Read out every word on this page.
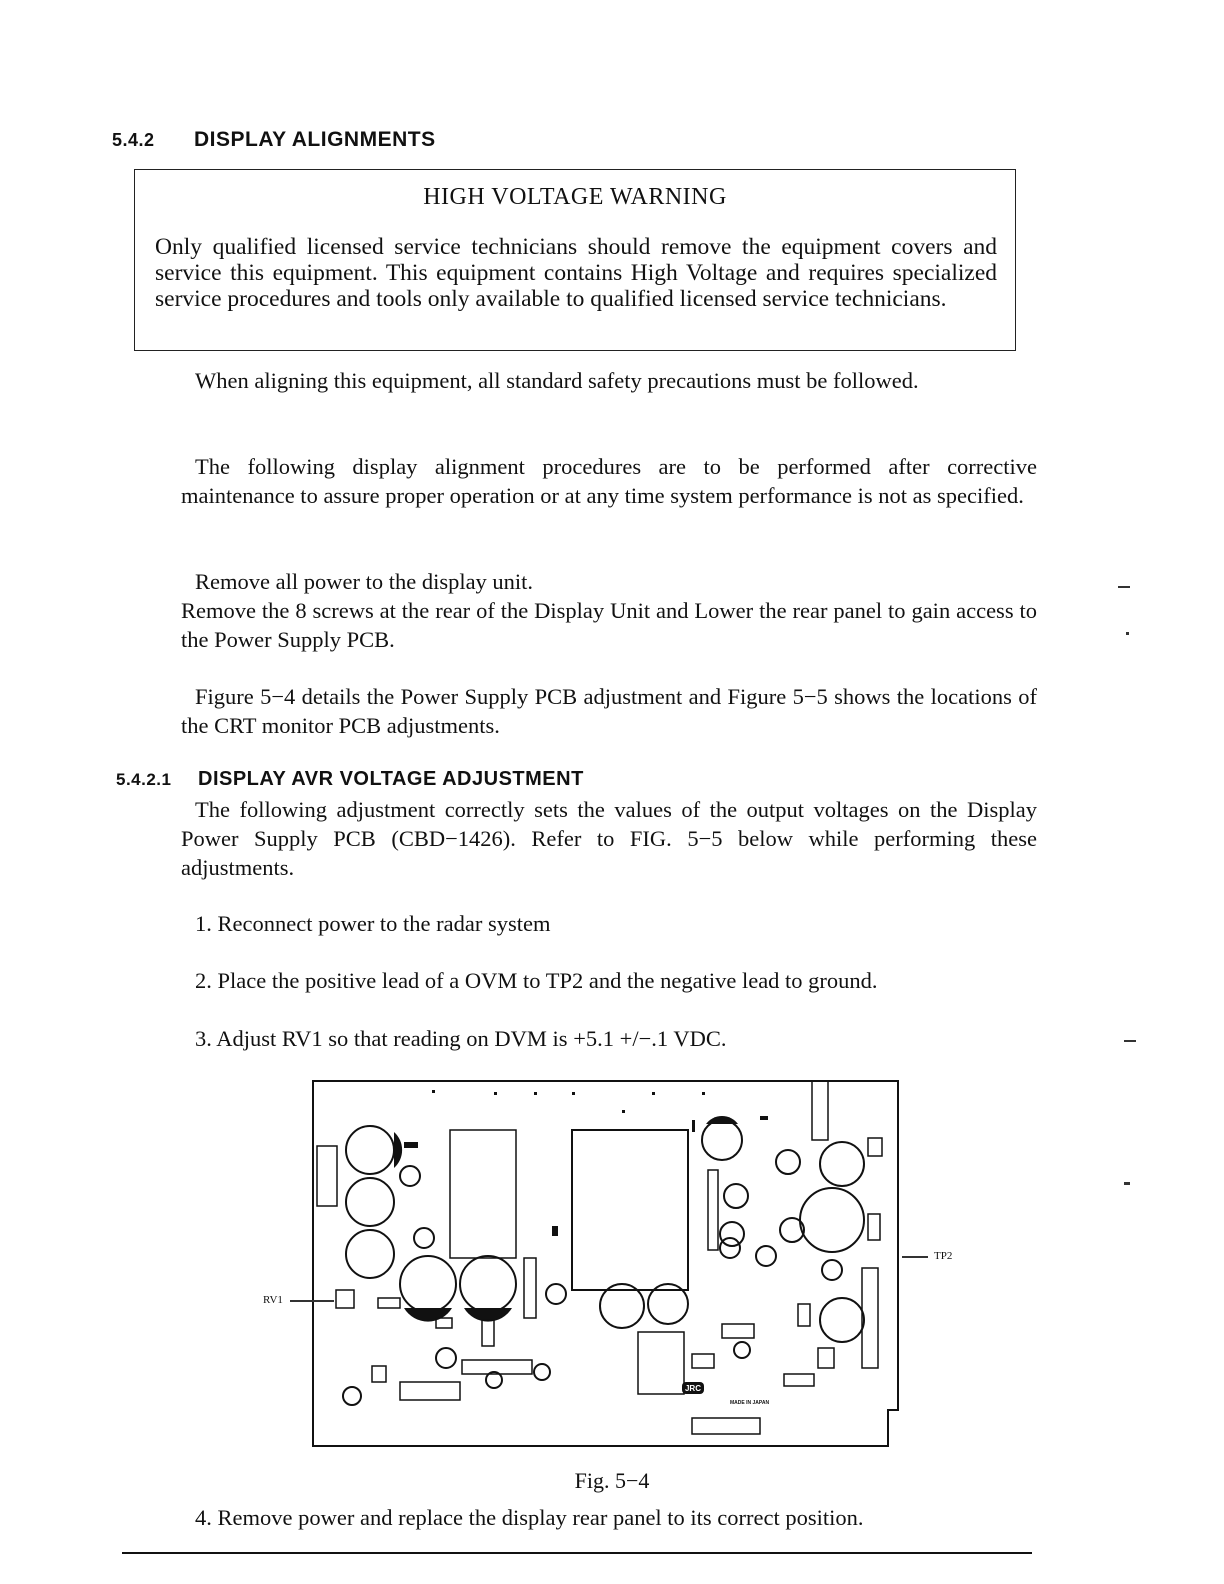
5.4.2 DISPLAY ALIGNMENTS
HIGH VOLTAGE WARNING
Only qualified licensed service technicians should remove the equipment covers and service this equipment. This equipment contains High Voltage and requires specialized service procedures and tools only available to qualified licensed service technicians.
When aligning this equipment, all standard safety precautions must be followed.
The following display alignment procedures are to be performed after corrective maintenance to assure proper operation or at any time system performance is not as specified.
Remove all power to the display unit.
Remove the 8 screws at the rear of the Display Unit and Lower the rear panel to gain access to the Power Supply PCB.
Figure 5−4 details the Power Supply PCB adjustment and Figure 5−5 shows the locations of the CRT monitor PCB adjustments.
5.4.2.1 DISPLAY AVR VOLTAGE ADJUSTMENT
The following adjustment correctly sets the values of the output voltages on the Display Power Supply PCB (CBD−1426). Refer to FIG. 5−5 below while performing these adjustments.
1. Reconnect power to the radar system
2. Place the positive lead of a OVM to TP2 and the negative lead to ground.
3. Adjust RV1 so that reading on DVM is +5.1 +/−.1 VDC.
JRC
MADE IN JAPAN
RV1
TP2
Fig. 5−4
4. Remove power and replace the display rear panel to its correct position.
